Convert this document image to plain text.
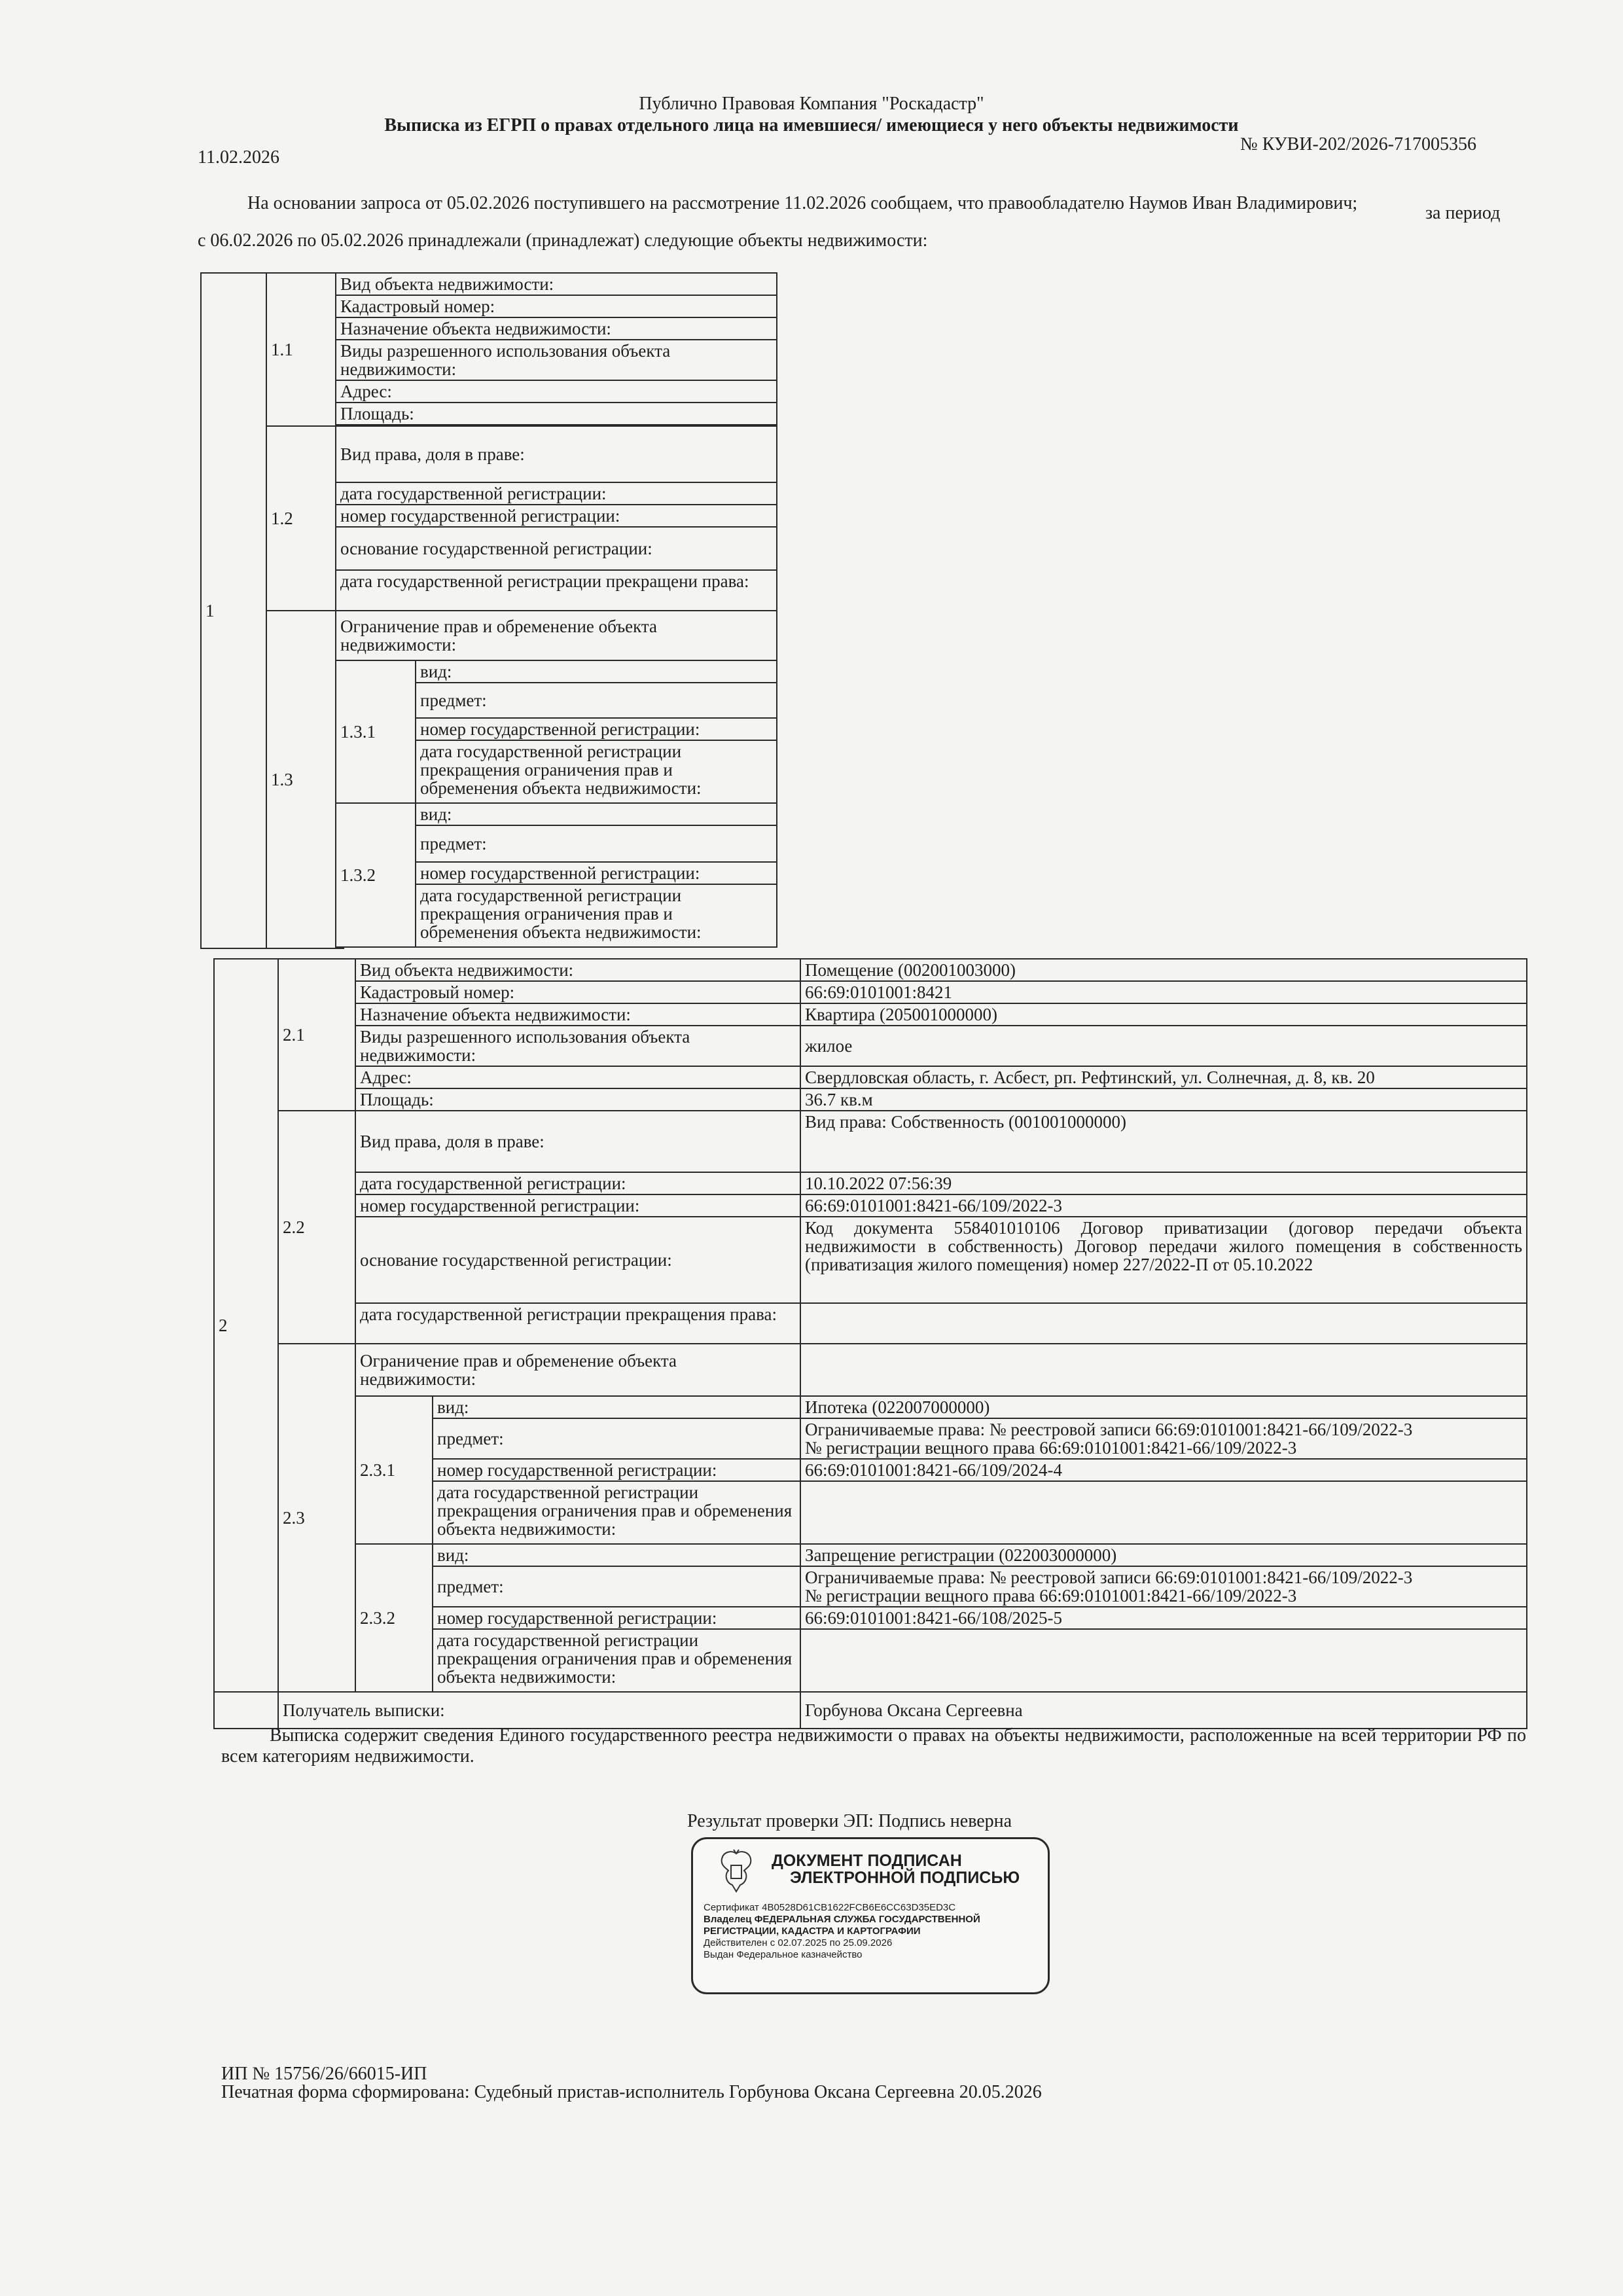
Публично Правовая Компания "Роскадастр"
Выписка из ЕГРП о правах отдельного лица на имевшиеся/ имеющиеся у него объекты недвижимости
11.02.2026
№ КУВИ-202/2026-717005356
На основании запроса от 05.02.2026 поступившего на рассмотрение 11.02.2026 сообщаем, что правообладателю Наумов Иван Владимирович;	за период
с 06.02.2026 по 05.02.2026 принадлежали (принадлежат) следующие объекты недвижимости:
1	1.1	Вид объекта недвижимости:	
		Кадастровый номер:	
		Назначение объекта недвижимости:	
		Виды разрешенного использования объекта недвижимости:	
		Адрес:	
		Площадь:	

	1.2	Вид права, доля в праве:	
		дата государственной регистрации:	
		номер государственной регистрации:	
		основание государственной регистрации:	
		дата государственной регистрации прекращени права:	
	1.3	Ограничение прав и обременение объекта недвижимости:	
		1.3.1	вид:
			предмет:
			номер государственной регистрации:
			дата государственной регистрации прекращения ограничения прав и обременения объекта недвижимости:
		1.3.2	вид:
			предмет:
			номер государственной регистрации:
			дата государственной регистрации прекращения ограничения прав и обременения объекта недвижимости:

2	2.1	Вид объекта недвижимости:		Помещение (002001003000)
		Кадастровый номер:		66:69:0101001:8421
		Назначение объекта недвижимости:		Квартира (205001000000)
		Виды разрешенного использования объекта недвижимости:		жилое
		Адрес:		Свердловская область, г. Асбест, рп. Рефтинский, ул. Солнечная, д. 8, кв. 20
		Площадь:		36.7 кв.м
	2.2	Вид права, доля в праве:		Вид права: Собственность (001001000000)
		дата государственной регистрации:		10.10.2022 07:56:39
		номер государственной регистрации:		66:69:0101001:8421-66/109/2022-3
		основание государственной регистрации:		Код документа 558401010106 Договор приватизации (договор передачи объекта недвижимости в собственность) Договор передачи жилого помещения в собственность (приватизация жилого помещения) номер 227/2022-П от 05.10.2022
		дата государственной регистрации прекращения права:		
	2.3	Ограничение прав и обременение объекта недвижимости:		
		2.3.1	вид:	Ипотека (022007000000)
			предмет:	Ограничиваемые права: № реестровой записи 66:69:0101001:8421-66/109/2022-3
№ регистрации вещного права 66:69:0101001:8421-66/109/2022-3

			номер государственной регистрации:	66:69:0101001:8421-66/109/2024-4
			дата государственной регистрации прекращения ограничения прав и обременения объекта недвижимости:	
		2.3.2	вид:	Запрещение регистрации (022003000000)
			предмет:	Ограничиваемые права: № реестровой записи 66:69:0101001:8421-66/109/2022-3
№ регистрации вещного права 66:69:0101001:8421-66/109/2022-3

			номер государственной регистрации:	66:69:0101001:8421-66/108/2025-5
			дата государственной регистрации прекращения ограничения прав и обременения объекта недвижимости:	
	Получатель выписки:			Горбунова Оксана Сергеевна
Выписка содержит сведения Единого государственного реестра недвижимости о правах на объекты недвижимости, расположенные на всей территории РФ по всем категориям недвижимости.
Результат проверки ЭП: Подпись неверна
ДОКУМЕНТ ПОДПИСАН
ЭЛЕКТРОННОЙ ПОДПИСЬЮ
Сертификат 4B0528D61CB1622FCB6E6CC63D35ED3C
Владелец ФЕДЕРАЛЬНАЯ СЛУЖБА ГОСУДАРСТВЕННОЙ
РЕГИСТРАЦИИ, КАДАСТРА И КАРТОГРАФИИ
Действителен с 02.07.2025 по 25.09.2026
Выдан Федеральное казначейство
ИП № 15756/26/66015-ИП
Печатная форма сформирована: Судебный пристав-исполнитель Горбунова Оксана Сергеевна 20.05.2026
